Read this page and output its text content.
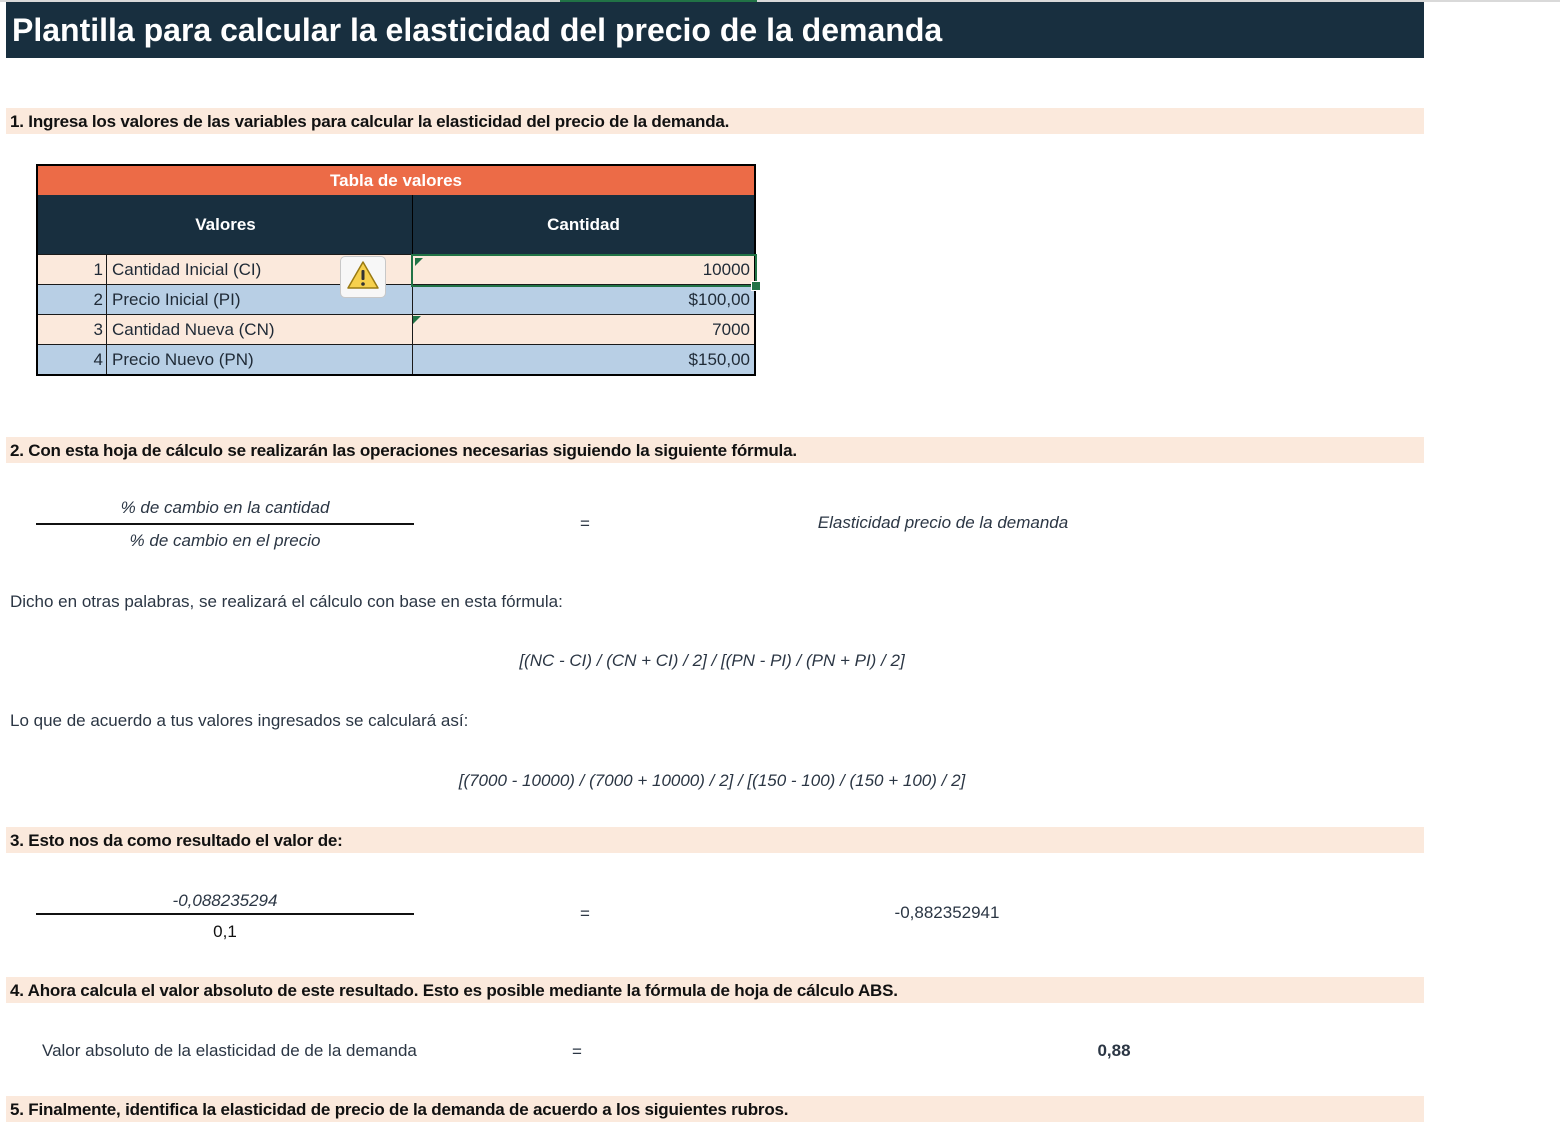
Plantilla para calcular la elasticidad del precio de la demanda
1. Ingresa los valores de las variables para calcular la elasticidad del precio de la demanda.
Tabla de valores
Valores	Cantidad
1 Cantidad Inicial (CI)	10000
2 Precio Inicial (PI)	$100,00
3 Cantidad Nueva (CN)	7000
4 Precio Nuevo (PN)	$150,00
2. Con esta hoja de cálculo se realizarán las operaciones necesarias siguiendo la siguiente fórmula.
% de cambio en la cantidad
% de cambio en el precio
=	Elasticidad precio de la demanda
Dicho en otras palabras, se realizará el cálculo con base en esta fórmula:
[(NC - CI) / (CN + CI) / 2] / [(PN - PI) / (PN + PI) / 2]
Lo que de acuerdo a tus valores ingresados se calculará así:
[(7000 - 10000) / (7000 + 10000) / 2] / [(150 - 100) / (150 + 100) / 2]
3. Esto nos da como resultado el valor de:
-0,088235294
0,1
=	-0,882352941
4. Ahora calcula el valor absoluto de este resultado. Esto es posible mediante la fórmula de hoja de cálculo ABS.
Valor absoluto de la elasticidad de de la demanda	=	0,88
5. Finalmente, identifica la elasticidad de precio de la demanda de acuerdo a los siguientes rubros.
